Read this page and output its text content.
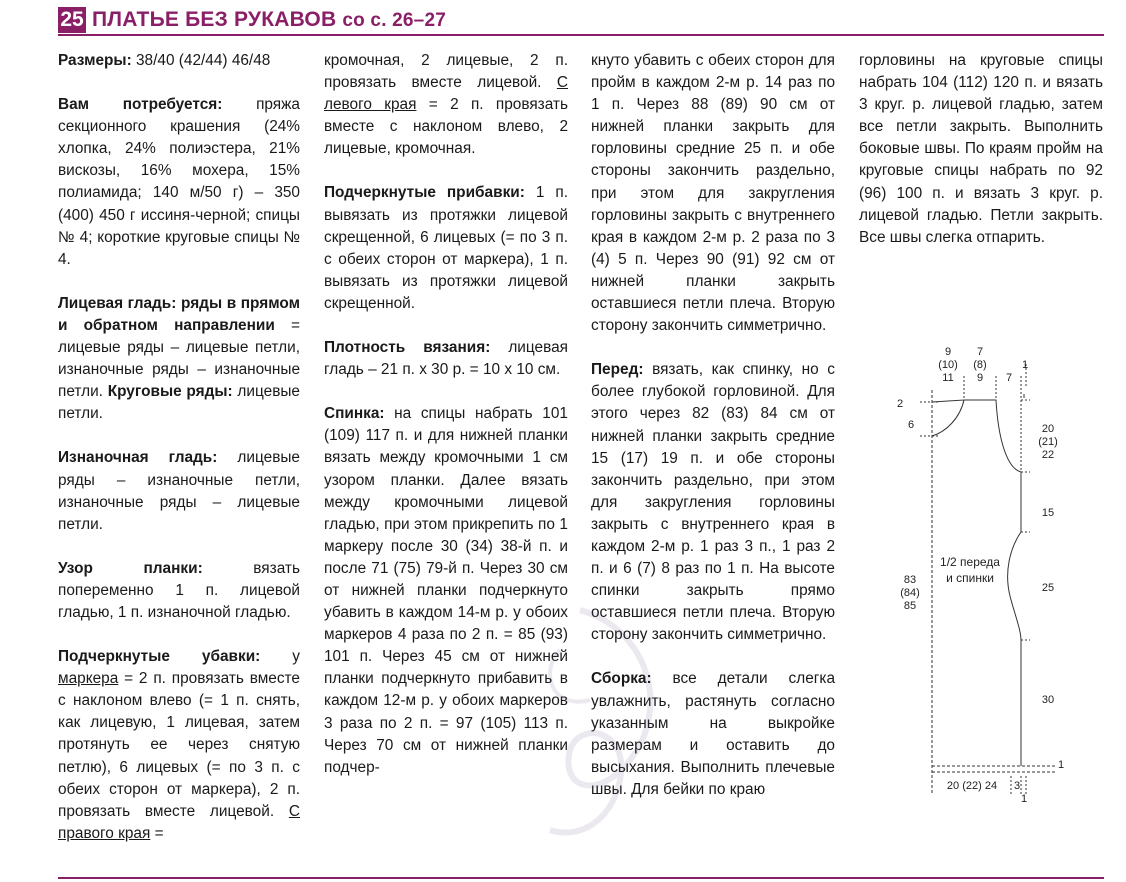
25 ПЛАТЬЕ БЕЗ РУКАВОВ со с. 26–27

Размеры: 38/40 (42/44) 46/48

Вам потребуется: пряжа секционного крашения (24% хлопка, 24% полиэстера, 21% вискозы, 16% мохера, 15% полиамида; 140 м/50 г) – 350 (400) 450 г иссиня-черной; спицы № 4; короткие круговые спицы № 4.

Лицевая гладь: ряды в прямом и обратном направлении = лицевые ряды – лицевые петли, изнаночные ряды – изнаночные петли. Круговые ряды: лицевые петли.

Изнаночная гладь: лицевые ряды – изнаночные петли, изнаночные ряды – лицевые петли.

Узор планки: вязать попеременно 1 п. лицевой гладью, 1 п. изнаночной гладью.

Подчеркнутые убавки: у маркера = 2 п. провязать вместе с наклоном влево (= 1 п. снять, как лицевую, 1 лицевая, затем протянуть ее через снятую петлю), 6 лицевых (= по 3 п. с обеих сторон от маркера), 2 п. провязать вместе лицевой. С правого края =

кромочная, 2 лицевые, 2 п. провязать вместе лицевой. С левого края = 2 п. провязать вместе с наклоном влево, 2 лицевые, кромочная.

Подчеркнутые прибавки: 1 п. вывязать из протяжки лицевой скрещенной, 6 лицевых (= по 3 п. с обеих сторон от маркера), 1 п. вывязать из протяжки лицевой скрещенной.

Плотность вязания: лицевая гладь – 21 п. х 30 р. = 10 х 10 см.

Спинка: на спицы набрать 101 (109) 117 п. и для нижней планки вязать между кромочными 1 см узором планки. Далее вязать между кромочными лицевой гладью, при этом прикрепить по 1 маркеру после 30 (34) 38-й п. и после 71 (75) 79-й п. Через 30 см от нижней планки подчеркнуто убавить в каждом 14-м р. у обоих маркеров 4 раза по 2 п. = 85 (93) 101 п. Через 45 см от нижней планки подчеркнуто прибавить в каждом 12-м р. у обоих маркеров 3 раза по 2 п. = 97 (105) 113 п. Через 70 см от нижней планки подчер-

кнуто убавить с обеих сторон для пройм в каждом 2-м р. 14 раз по 1 п. Через 88 (89) 90 см от нижней планки закрыть для горловины средние 25 п. и обе стороны закончить раздельно, при этом для закругления горловины закрыть с внутреннего края в каждом 2-м р. 2 раза по 3 (4) 5 п. Через 90 (91) 92 см от нижней планки закрыть оставшиеся петли плеча. Вторую сторону закончить симметрично.

Перед: вязать, как спинку, но с более глубокой горловиной. Для этого через 82 (83) 84 см от нижней планки закрыть средние 15 (17) 19 п. и обе стороны закончить раздельно, при этом для закругления горловины закрыть с внутреннего края в каждом 2-м р. 1 раз 3 п., 1 раз 2 п. и 6 (7) 8 раз по 1 п. На высоте спинки закрыть прямо оставшиеся петли плеча. Вторую сторону закончить симметрично.

Сборка: все детали слегка увлажнить, растянуть согласно указанным на выкройке размерам и оставить до высыхания. Выполнить плечевые швы. Для бейки по краю

горловины на круговые спицы набрать 104 (112) 120 п. и вязать 3 круг. р. лицевой гладью, затем все петли закрыть. Выполнить боковые швы. По краям пройм на круговые спицы набрать по 92 (96) 100 п. и вязать 3 круг. р. лицевой гладью. Петли закрыть. Все швы слегка отпарить.

9
(10)
11
7
(8)
9 7
1
2
6	20
(21)
22
15
25
30
1
83
(84)
85
1/2 переда
и спинки
20 (22) 24 3
1
